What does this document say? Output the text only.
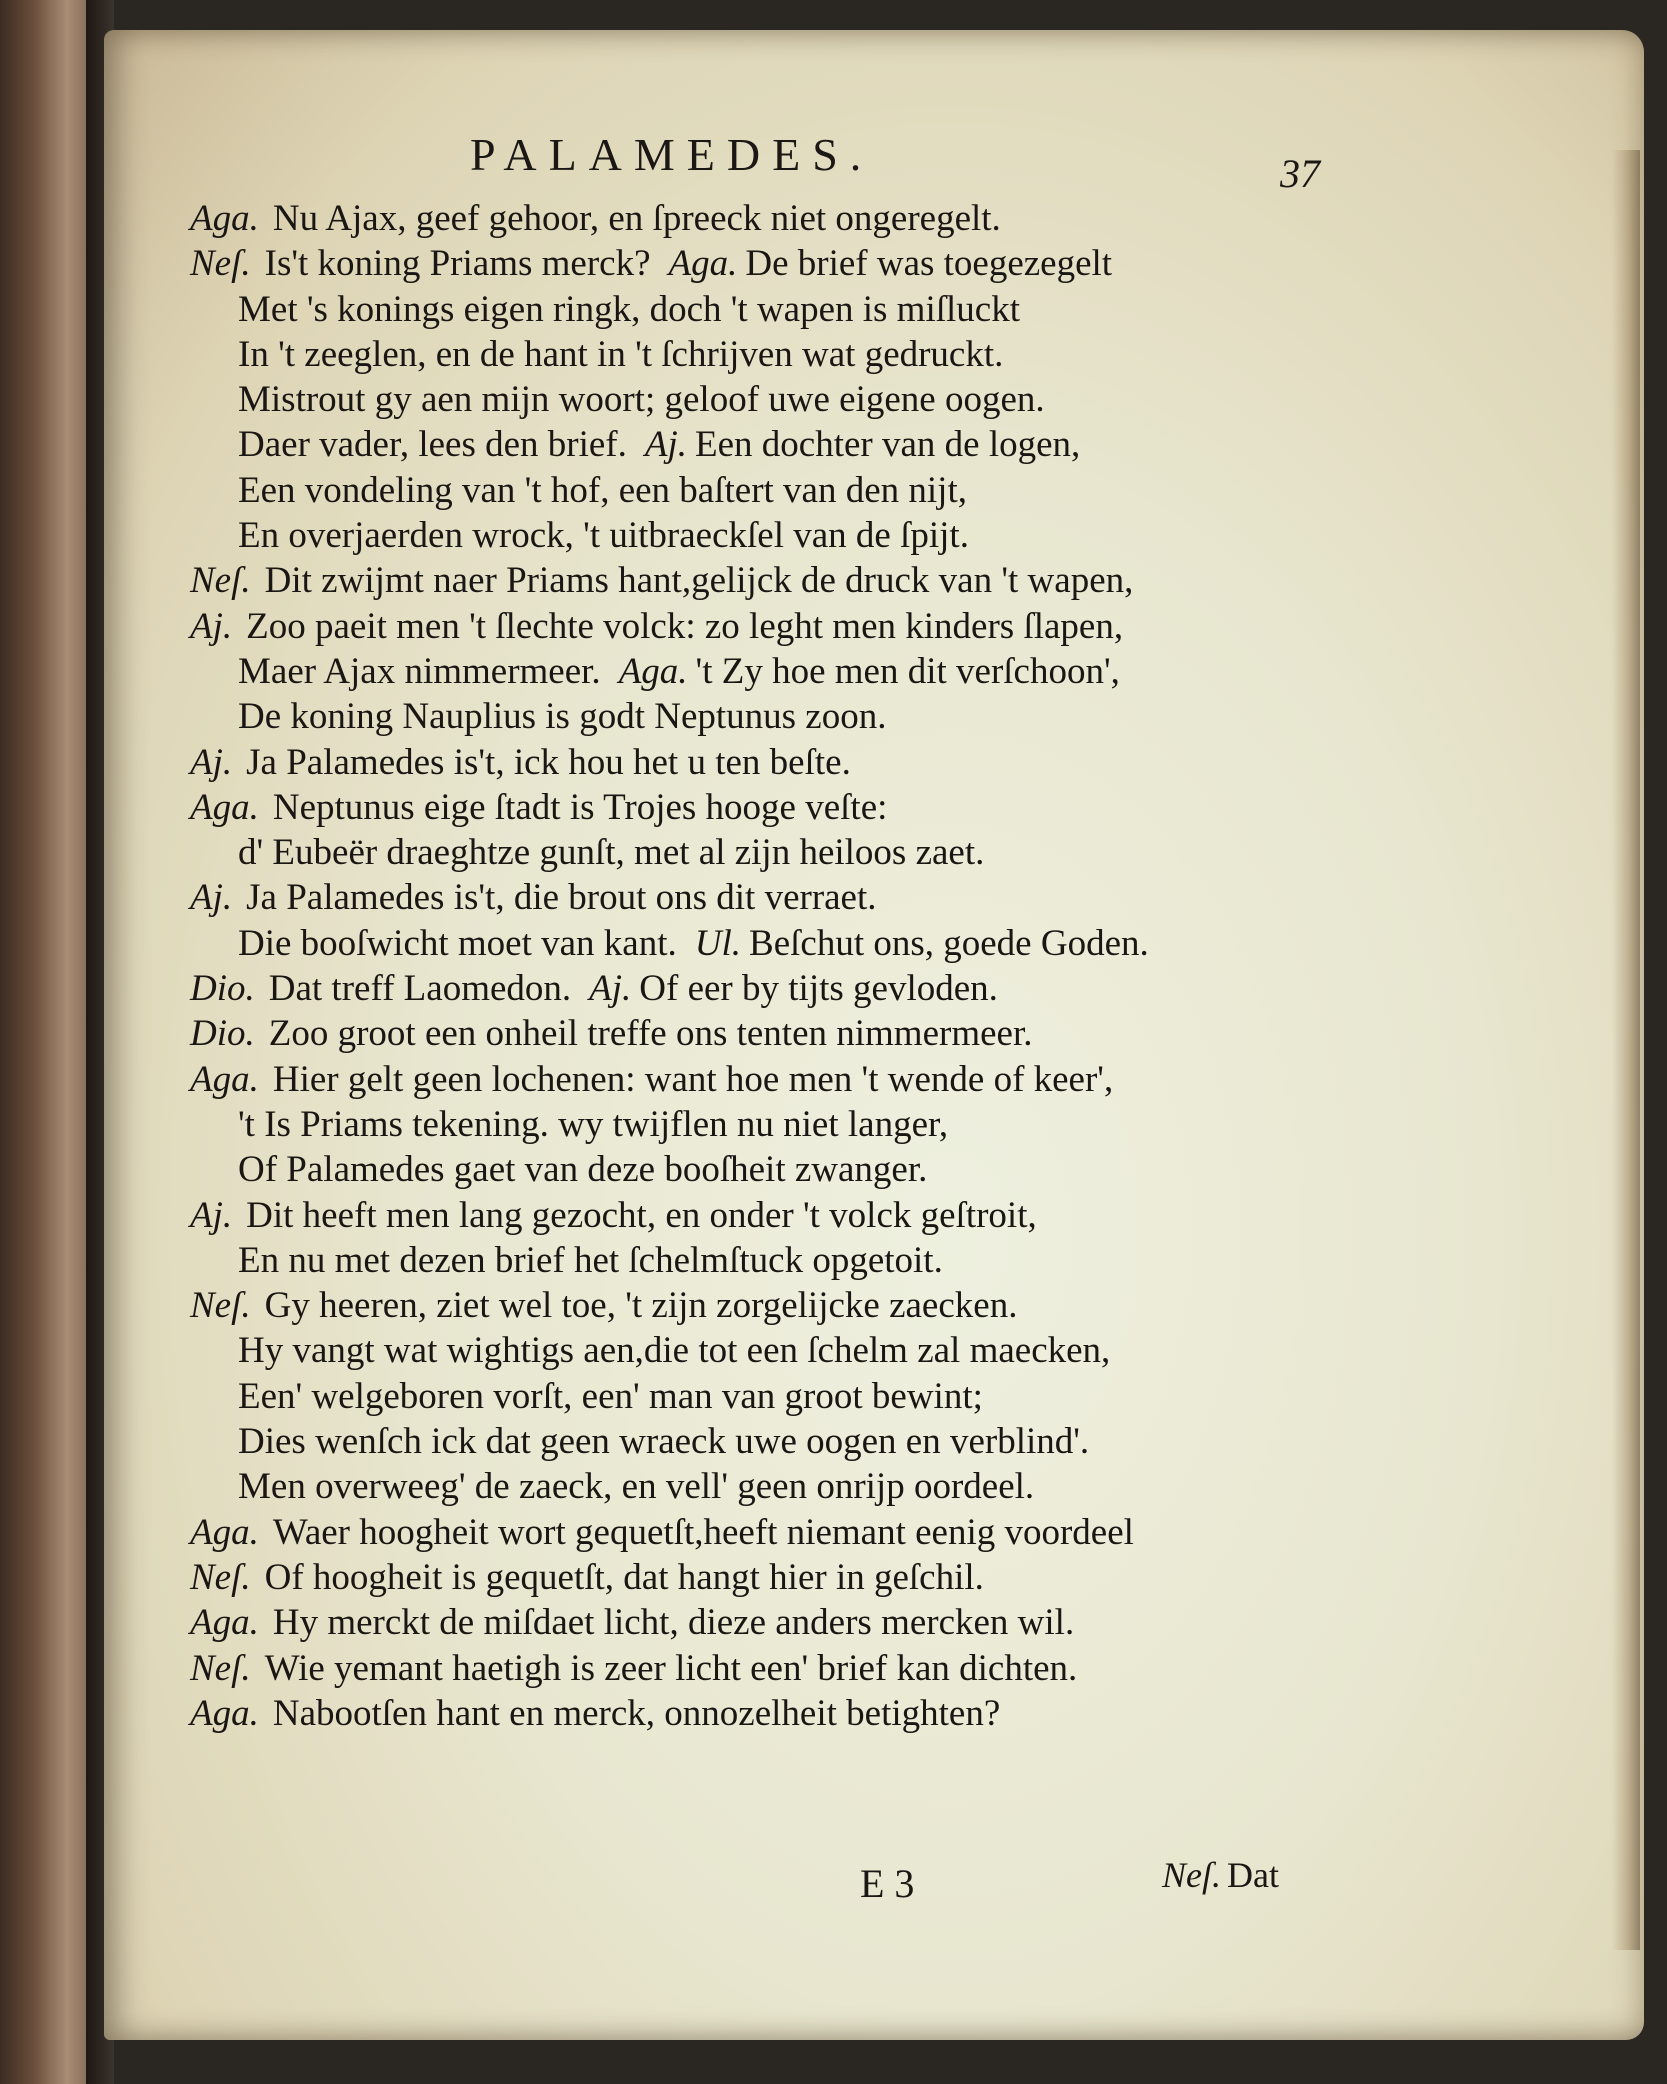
PALAMEDES.	37
Aga. Nu Ajax, geef gehoor, en ſpreeck niet ongeregelt.
Neſ. Is't koning Priams merck? Aga. De brief was toegezegelt
Met 's konings eigen ringk, doch 't wapen is miſluckt
In 't zeeglen, en de hant in 't ſchrijven wat gedruckt.
Mistrout gy aen mijn woort; geloof uwe eigene oogen.
Daer vader, lees den brief. Aj. Een dochter van de logen,
Een vondeling van 't hof, een baſtert van den nijt,
En overjaerden wrock, 't uitbraeckſel van de ſpijt.
Neſ. Dit zwijmt naer Priams hant,gelijck de druck van 't wapen,
Aj. Zoo paeit men 't ſlechte volck: zo leght men kinders ſlapen,
Maer Ajax nimmermeer. Aga. 't Zy hoe men dit verſchoon',
De koning Nauplius is godt Neptunus zoon.
Aj. Ja Palamedes is't, ick hou het u ten beſte.
Aga. Neptunus eige ſtadt is Trojes hooge veſte:
d' Eubeër draeghtze gunſt, met al zijn heiloos zaet.
Aj. Ja Palamedes is't, die brout ons dit verraet.
Die booſwicht moet van kant. Ul. Beſchut ons, goede Goden.
Dio. Dat treff Laomedon. Aj. Of eer by tijts gevloden.
Dio. Zoo groot een onheil treffe ons tenten nimmermeer.
Aga. Hier gelt geen lochenen: want hoe men 't wende of keer',
't Is Priams tekening. wy twijflen nu niet langer,
Of Palamedes gaet van deze booſheit zwanger.
Aj. Dit heeft men lang gezocht, en onder 't volck geſtroit,
En nu met dezen brief het ſchelmſtuck opgetoit.
Neſ. Gy heeren, ziet wel toe, 't zijn zorgelijcke zaecken.
Hy vangt wat wightigs aen,die tot een ſchelm zal maecken,
Een' welgeboren vorſt, een' man van groot bewint;
Dies wenſch ick dat geen wraeck uwe oogen en verblind'.
Men overweeg' de zaeck, en vell' geen onrijp oordeel.
Aga. Waer hoogheit wort gequetſt,heeft niemant eenig voordeel
Neſ. Of hoogheit is gequetſt, dat hangt hier in geſchil.
Aga. Hy merckt de miſdaet licht, dieze anders mercken wil.
Neſ. Wie yemant haetigh is zeer licht een' brief kan dichten.
Aga. Nabootſen hant en merck, onnozelheit betighten?
E 3	Neſ. Dat
